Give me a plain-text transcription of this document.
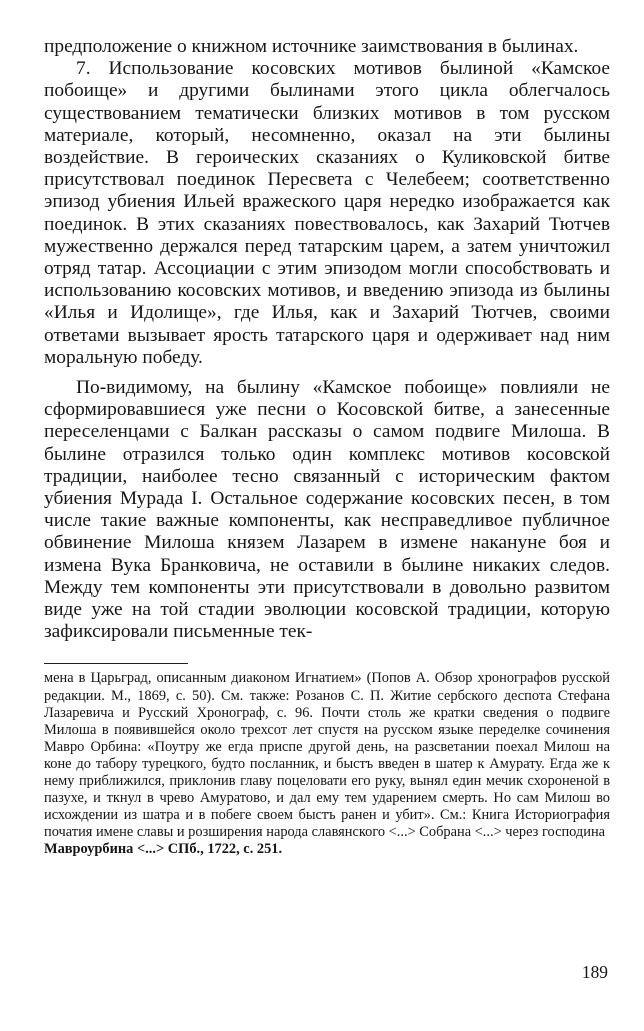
предположение о книжном источнике заимствования в былинах.

7. Использование косовских мотивов былиной «Камское побоище» и другими былинами этого цикла облегчалось существованием тематически близких мотивов в том русском материале, который, несомненно, оказал на эти былины воздействие. В героических сказаниях о Куликовской битве присутствовал поединок Пересвета с Челебеем; соответственно эпизод убиения Ильей вражеского царя нередко изображается как поединок. В этих сказаниях повествовалось, как Захарий Тютчев мужественно держался перед татарским царем, а затем уничтожил отряд татар. Ассоциации с этим эпизодом могли способствовать и использованию косовских мотивов, и введению эпизода из былины «Илья и Идолище», где Илья, как и Захарий Тютчев, своими ответами вызывает ярость татарского царя и одерживает над ним моральную победу.

По-видимому, на былину «Камское побоище» повлияли не сформировавшиеся уже песни о Косовской битве, а занесенные переселенцами с Балкан рассказы о самом подвиге Милоша. В былине отразился только один комплекс мотивов косовской традиции, наиболее тесно связанный с историческим фактом убиения Мурада I. Остальное содержание косовских песен, в том числе такие важные компоненты, как несправедливое публичное обвинение Милоша князем Лазарем в измене накануне боя и измена Вука Бранковича, не оставили в былине никаких следов. Между тем компоненты эти присутствовали в довольно развитом виде уже на той стадии эволюции косовской традиции, которую зафиксировали письменные тек-

мена в Царьград, описанным диаконом Игнатием» (Попов А. Обзор хронографов русской редакции. М., 1869, с. 50). См. также: Розанов С. П. Житие сербского деспота Стефана Лазаревича и Русский Хронограф, с. 96. Почти столь же кратки сведения о подвиге Милоша в появившейся около трехсот лет спустя на русском языке переделке сочинения Мавро Орбина: «Поутру же егда приспе другой день, на разсветании поехал Милош на коне до табору турецкого, будто посланник, и быстъ введен в шатер к Амурату. Егда же к нему приближился, приклонив главу поцеловати его руку, вынял един мечик схороненой в пазухе, и ткнул в чрево Амуратово, и дал ему тем ударением смерть. Но сам Милош во исхождении из шатра и в побеге своем быстъ ранен и убит». См.: Книга Историография початия имене славы и розширения народа славянского <...> Собрана <...> через господина

Мавроурбина <...> СПб., 1722, с. 251.

189
